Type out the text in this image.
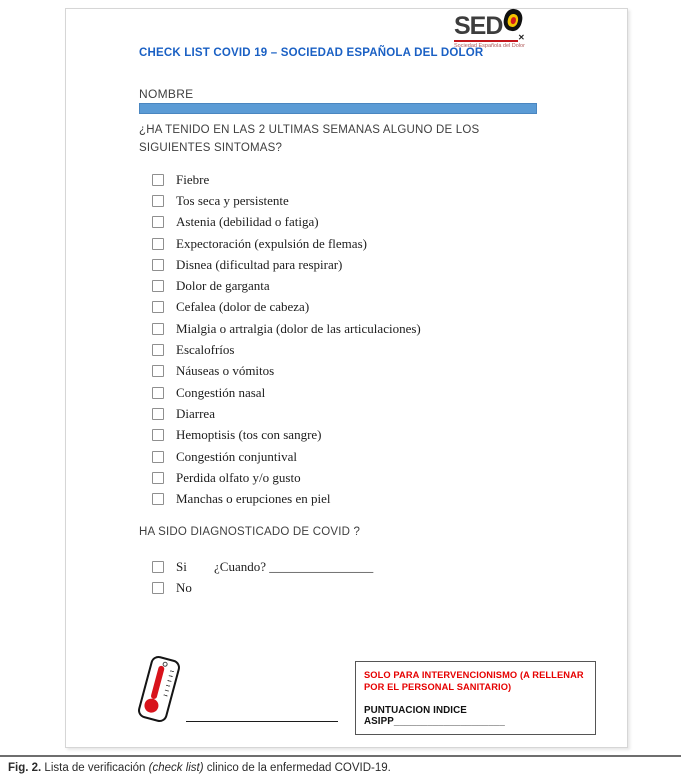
CHECK LIST COVID 19 – SOCIEDAD ESPAÑOLA DEL DOLOR
SED ✕
Sociedad Española del Dolor
NOMBRE
¿HA TENIDO EN LAS 2 ULTIMAS SEMANAS ALGUNO DE LOS SIGUIENTES SINTOMAS?
Fiebre
Tos seca y persistente
Astenia (debilidad o fatiga)
Expectoración (expulsión de flemas)
Disnea (dificultad para respirar)
Dolor de garganta
Cefalea (dolor de cabeza)
Mialgia o artralgia (dolor de las articulaciones)
Escalofríos
Náuseas o vómitos
Congestión nasal
Diarrea
Hemoptisis (tos con sangre)
Congestión conjuntival
Perdida olfato y/o gusto
Manchas o erupciones en piel
HA SIDO DIAGNOSTICADO DE COVID ?
Si	¿Cuando? ________________
No
SOLO PARA INTERVENCIONISMO (A RELLENAR POR EL PERSONAL SANITARIO)
PUNTUACION INDICE ASIPP____________________
Fig. 2. Lista de verificación (check list) clinico de la enfermedad COVID-19.
